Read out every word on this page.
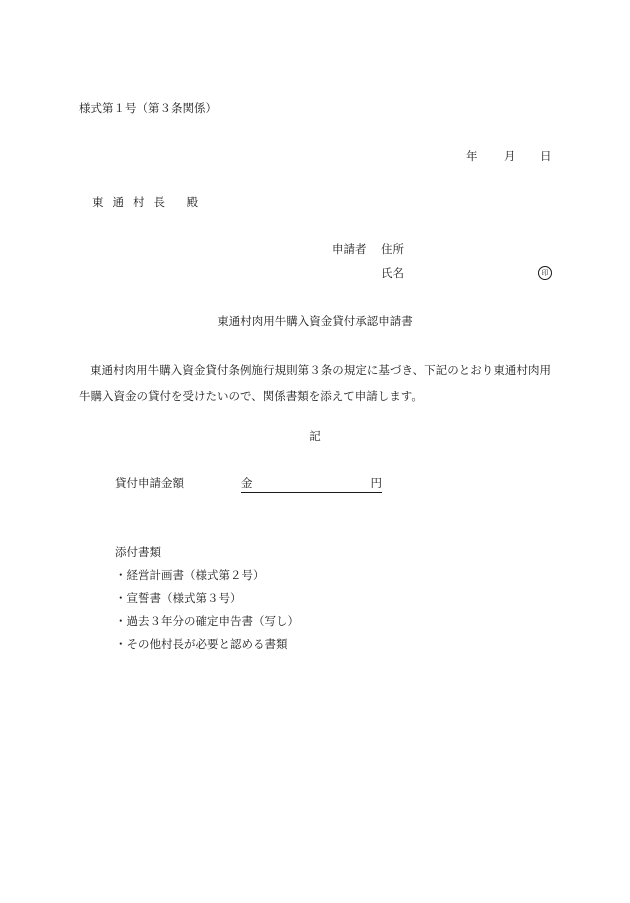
様式第１号（第３条関係）
年 月 日
東通村長 殿
申請者 住所
氏名	印
東通村肉用牛購入資金貸付承認申請書
東通村肉用牛購入資金貸付条例施行規則第３条の規定に基づき、下記のとおり東通村肉用牛購入資金の貸付を受けたいので、関係書類を添えて申請します。
記
貸付申請金額	金	円
添付書類
・経営計画書（様式第２号）
・宣誓書（様式第３号）
・過去３年分の確定申告書（写し）
・その他村長が必要と認める書類
